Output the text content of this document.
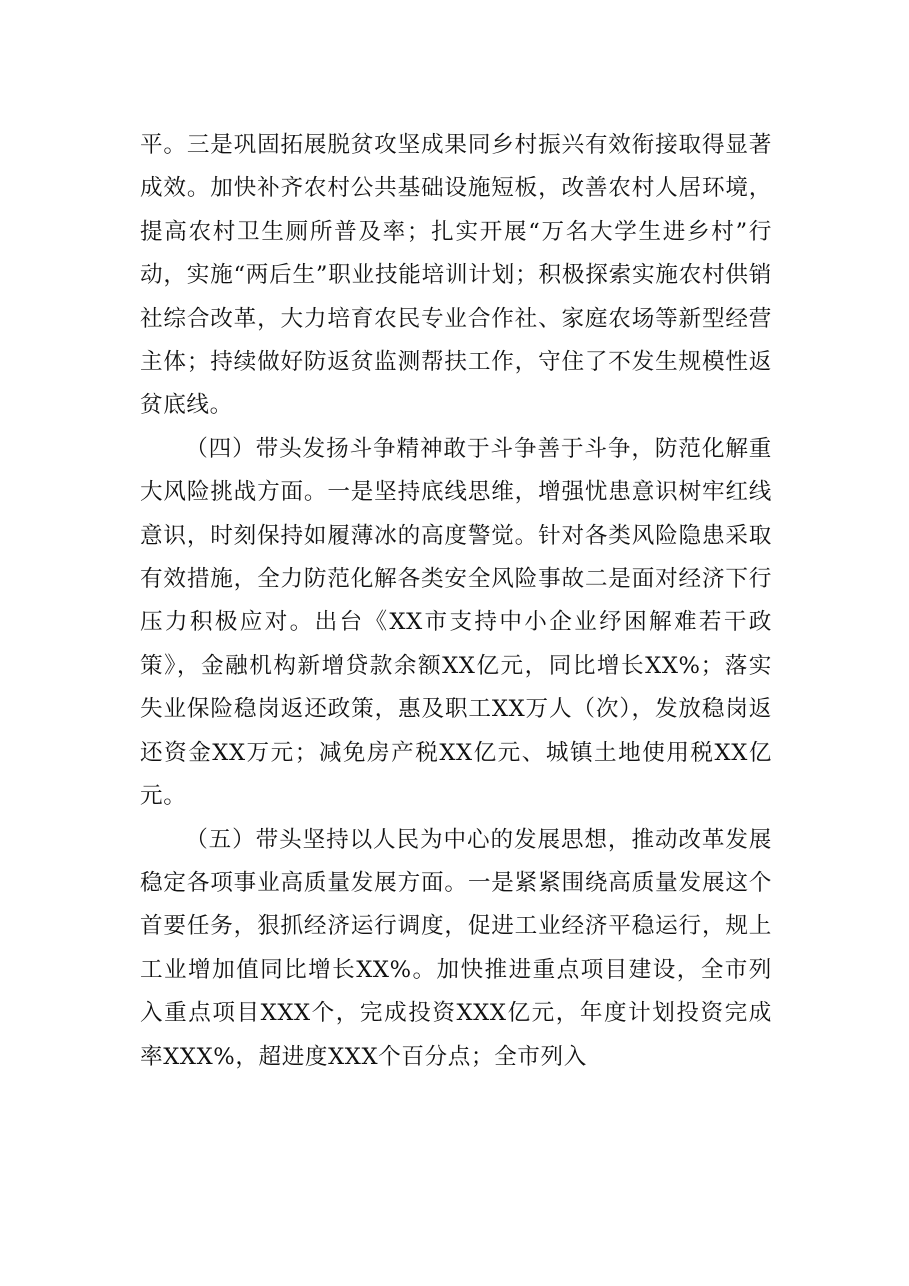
平。三是巩固拓展脱贫攻坚成果同乡村振兴有效衔接取得显著成效。加快补齐农村公共基础设施短板，改善农村人居环境，提高农村卫生厕所普及率；扎实开展“万名大学生进乡村”行动，实施“两后生”职业技能培训计划；积极探索实施农村供销社综合改革，大力培育农民专业合作社、家庭农场等新型经营主体；持续做好防返贫监测帮扶工作，守住了不发生规模性返贫底线。

（四）带头发扬斗争精神敢于斗争善于斗争，防范化解重大风险挑战方面。一是坚持底线思维，增强忧患意识树牢红线意识，时刻保持如履薄冰的高度警觉。针对各类风险隐患采取有效措施，全力防范化解各类安全风险事故二是面对经济下行压力积极应对。出台《XX市支持中小企业纾困解难若干政策》，金融机构新增贷款余额XX亿元，同比增长XX%；落实失业保险稳岗返还政策，惠及职工XX万人（次），发放稳岗返还资金XX万元；减免房产税XX亿元、城镇土地使用税XX亿元。

（五）带头坚持以人民为中心的发展思想，推动改革发展稳定各项事业高质量发展方面。一是紧紧围绕高质量发展这个首要任务，狠抓经济运行调度，促进工业经济平稳运行，规上工业增加值同比增长XX%。加快推进重点项目建设，全市列入重点项目XXX个，完成投资XXX亿元，年度计划投资完成率XXX%，超进度XXX个百分点；全市列入
